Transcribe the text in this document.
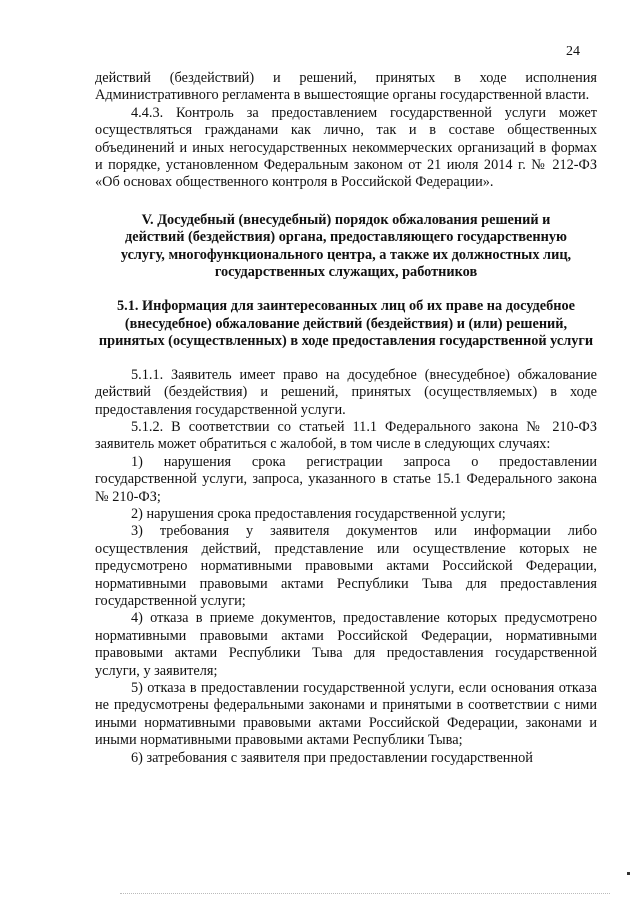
24

действий (бездействий) и решений, принятых в ходе исполнения Административного регламента в вышестоящие органы государственной власти.

4.4.3. Контроль за предоставлением государственной услуги может осуществляться гражданами как лично, так и в составе общественных объединений и иных негосударственных некоммерческих организаций в формах и порядке, установленном Федеральным законом от 21 июля 2014 г. № 212-ФЗ «Об основах общественного контроля в Российской Федерации».

V. Досудебный (внесудебный) порядок обжалования решений и действий (бездействия) органа, предоставляющего государственную услугу, многофункционального центра, а также их должностных лиц, государственных служащих, работников

5.1. Информация для заинтересованных лиц об их праве на досудебное (внесудебное) обжалование действий (бездействия) и (или) решений, принятых (осуществленных) в ходе предоставления государственной услуги

5.1.1. Заявитель имеет право на досудебное (внесудебное) обжалование действий (бездействия) и решений, принятых (осуществляемых) в ходе предоставления государственной услуги.

5.1.2. В соответствии со статьей 11.1 Федерального закона № 210-ФЗ заявитель может обратиться с жалобой, в том числе в следующих случаях:

1) нарушения срока регистрации запроса о предоставлении государственной услуги, запроса, указанного в статье 15.1 Федерального закона № 210-ФЗ;

2) нарушения срока предоставления государственной услуги;

3) требования у заявителя документов или информации либо осуществления действий, представление или осуществление которых не предусмотрено нормативными правовыми актами Российской Федерации, нормативными правовыми актами Республики Тыва для предоставления государственной услуги;

4) отказа в приеме документов, предоставление которых предусмотрено нормативными правовыми актами Российской Федерации, нормативными правовыми актами Республики Тыва для предоставления государственной услуги, у заявителя;

5) отказа в предоставлении государственной услуги, если основания отказа не предусмотрены федеральными законами и принятыми в соответствии с ними иными нормативными правовыми актами Российской Федерации, законами и иными нормативными правовыми актами Республики Тыва;

6) затребования с заявителя при предоставлении государственной
